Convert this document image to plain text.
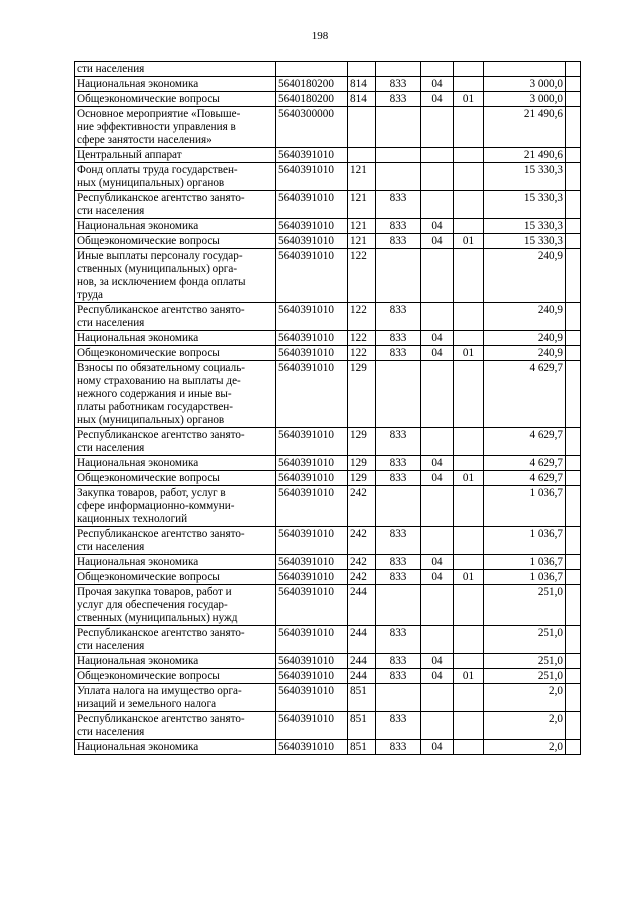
198
сти населения							
Национальная экономика	5640180200	814	833	04		3 000,0	
Общеэкономические вопросы	5640180200	814	833	04	01	3 000,0	
Основное мероприятие «Повыше-
ние эффективности управления в
сфере занятости населения»	5640300000					21 490,6	
Центральный аппарат	5640391010					21 490,6	
Фонд оплаты труда государствен-
ных (муниципальных) органов	5640391010	121				15 330,3	
Республиканское агентство занято-
сти населения	5640391010	121	833			15 330,3	
Национальная экономика	5640391010	121	833	04		15 330,3	
Общеэкономические вопросы	5640391010	121	833	04	01	15 330,3	
Иные выплаты персоналу государ-
ственных (муниципальных) орга-
нов, за исключением фонда оплаты
труда	5640391010	122				240,9	
Республиканское агентство занято-
сти населения	5640391010	122	833			240,9	
Национальная экономика	5640391010	122	833	04		240,9	
Общеэкономические вопросы	5640391010	122	833	04	01	240,9	
Взносы по обязательному социаль-
ному страхованию на выплаты де-
нежного содержания и иные вы-
платы работникам государствен-
ных (муниципальных) органов	5640391010	129				4 629,7	
Республиканское агентство занято-
сти населения	5640391010	129	833			4 629,7	
Национальная экономика	5640391010	129	833	04		4 629,7	
Общеэкономические вопросы	5640391010	129	833	04	01	4 629,7	
Закупка товаров, работ, услуг в
сфере информационно-коммуни-
кационных технологий	5640391010	242				1 036,7	
Республиканское агентство занято-
сти населения	5640391010	242	833			1 036,7	
Национальная экономика	5640391010	242	833	04		1 036,7	
Общеэкономические вопросы	5640391010	242	833	04	01	1 036,7	
Прочая закупка товаров, работ и
услуг для обеспечения государ-
ственных (муниципальных) нужд	5640391010	244				251,0	
Республиканское агентство занято-
сти населения	5640391010	244	833			251,0	
Национальная экономика	5640391010	244	833	04		251,0	
Общеэкономические вопросы	5640391010	244	833	04	01	251,0	
Уплата налога на имущество орга-
низаций и земельного налога	5640391010	851				2,0	
Республиканское агентство занято-
сти населения	5640391010	851	833			2,0	
Национальная экономика	5640391010	851	833	04		2,0	
